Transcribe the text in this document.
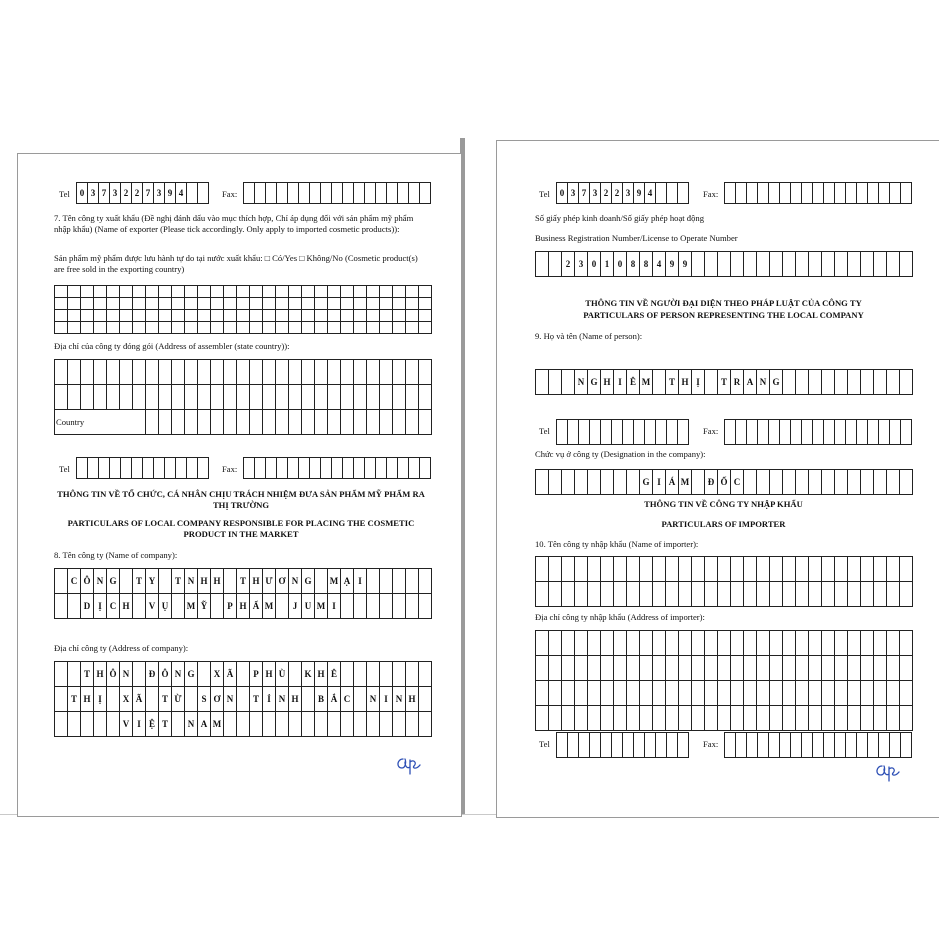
Tel	0 3 7 3 2 2 7 3 9 4	Fax:
7. Tên công ty xuất khẩu (Đề nghị đánh dấu vào mục thích hợp, Chỉ áp dụng đối với sản phẩm mỹ phẩm nhập khẩu) (Name of exporter (Please tick accordingly. Only apply to imported cosmetic products)):
Sản phẩm mỹ phẩm được lưu hành tự do tại nước xuất khẩu: □ Có/Yes □ Không/No (Cosmetic product(s) are free sold in the exporting country)
Địa chỉ của công ty đóng gói (Address of assembler (state country)):
Country
Tel	Fax:
THÔNG TIN VỀ TỔ CHỨC, CÁ NHÂN CHỊU TRÁCH NHIỆM ĐƯA SẢN PHẨM MỸ PHẨM RA THỊ TRƯỜNG
PARTICULARS OF LOCAL COMPANY RESPONSIBLE FOR PLACING THE COSMETIC PRODUCT IN THE MARKET
8. Tên công ty (Name of company):
C Ô N G	T Y	T N H H	T H Ư Ơ N G	M Ạ I
D Ị C H	V Ụ	M Ỹ	P H Ẩ M	J U M I
Địa chỉ công ty (Address of company):
T H Ô N	Đ Ô N G	X Ã	P H Ù	K H Ê
T H Ị	X Ã	T Ừ	S Ơ N	T Ỉ N H	B Ắ C	N I N H
V I Ệ T	N A M
Tel	0 3 7 3 2 2 3 9 4	Fax:
Số giấy phép kinh doanh/Số giấy phép hoạt động
Business Registration Number/License to Operate Number
2 3 0 1 0 8 8 4 9 9
THÔNG TIN VỀ NGƯỜI ĐẠI DIỆN THEO PHÁP LUẬT CỦA CÔNG TY
PARTICULARS OF PERSON REPRESENTING THE LOCAL COMPANY
9. Họ và tên (Name of person):
N G H I Ê M	T H Ị	T R A N G
Tel	Fax:
Chức vụ ở công ty (Designation in the company):
G I Á M	Đ Ố C
THÔNG TIN VỀ CÔNG TY NHẬP KHẨU
PARTICULARS OF IMPORTER
10. Tên công ty nhập khẩu (Name of importer):
Địa chỉ công ty nhập khẩu (Address of importer):
Tel	Fax:
